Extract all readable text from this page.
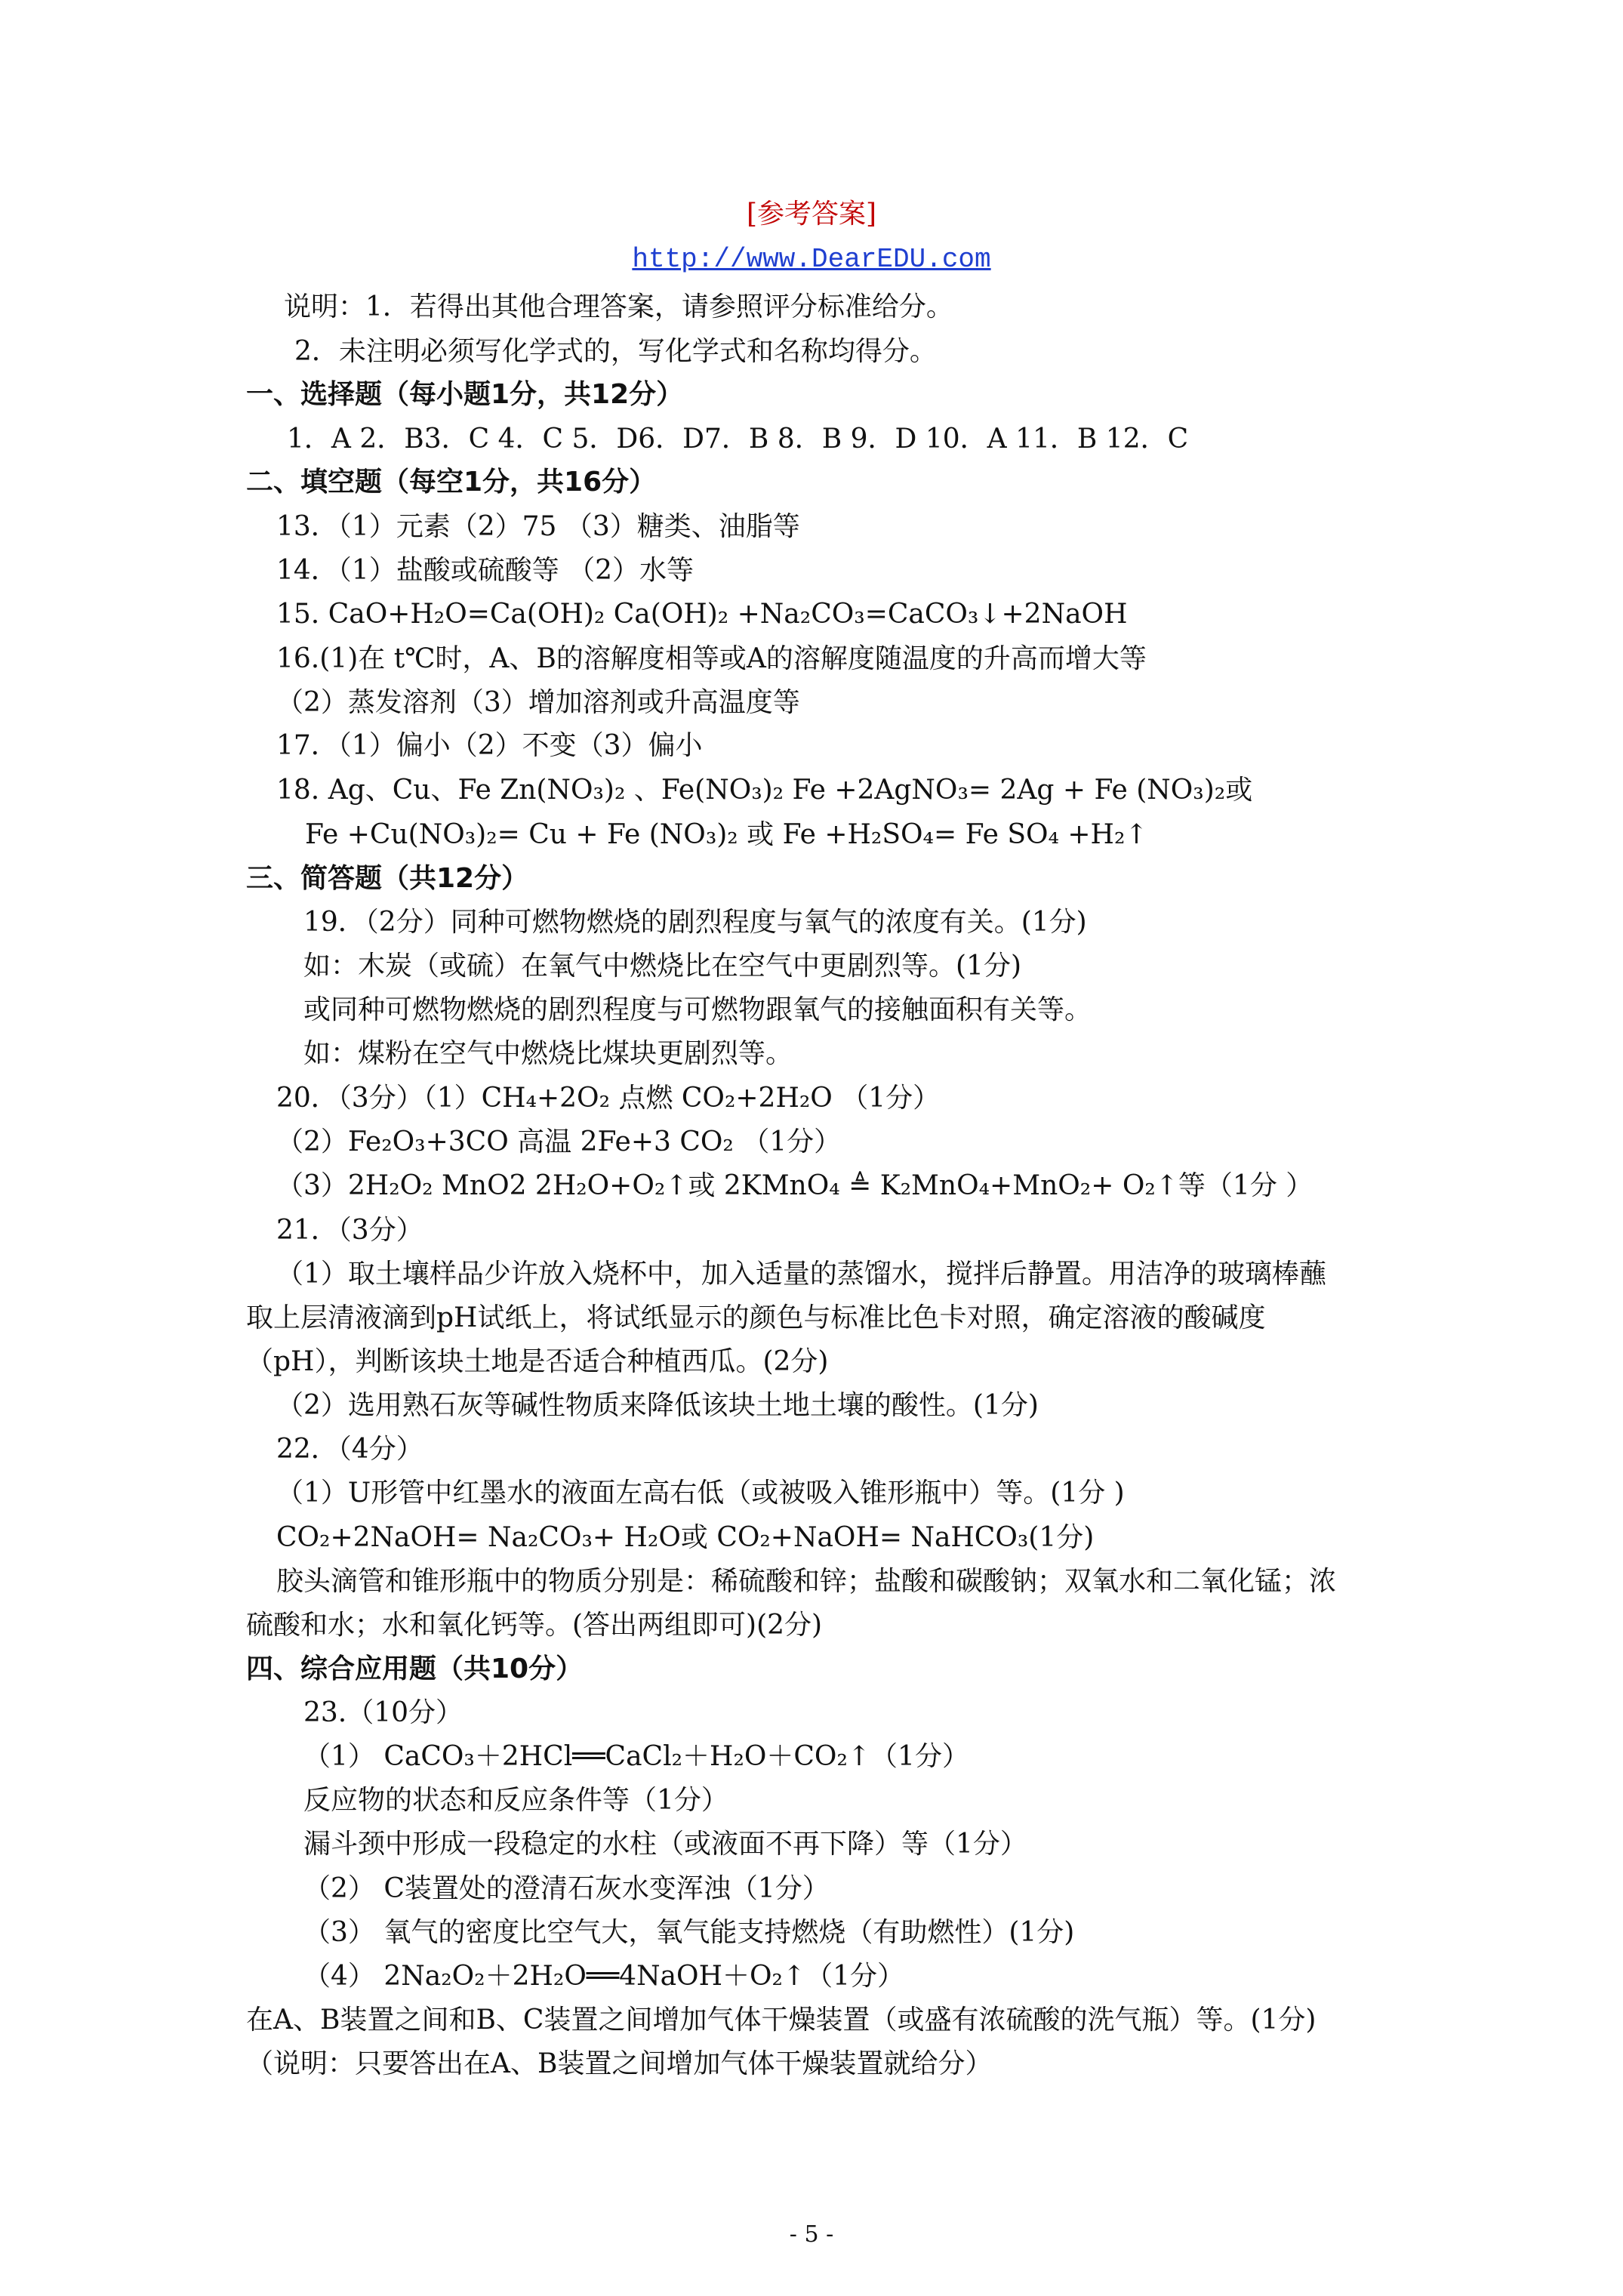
[参考答案]
http://www.DearEDU.com
说明：1．若得出其他合理答案，请参照评分标准给分。
2．未注明必须写化学式的，写化学式和名称均得分。
一、选择题（每小题1分，共12分）
1．A 2．B3．C 4．C 5．D6．D7．B 8．B 9．D 10．A 11．B 12．C
二、填空题（每空1分，共16分）
13．（1）元素（2）75 （3）糖类、油脂等
14．（1）盐酸或硫酸等 （2）水等
15. CaO+H₂O=Ca(OH)₂ Ca(OH)₂ +Na₂CO₃=CaCO₃↓+2NaOH
16.(1)在 t℃时，A、B的溶解度相等或A的溶解度随温度的升高而增大等
（2）蒸发溶剂（3）增加溶剂或升高温度等
17．（1）偏小（2）不变（3）偏小
18. Ag、Cu、Fe Zn(NO₃)₂ 、Fe(NO₃)₂ Fe +2AgNO₃= 2Ag + Fe (NO₃)₂或
Fe +Cu(NO₃)₂= Cu + Fe (NO₃)₂ 或 Fe +H₂SO₄= Fe SO₄ +H₂↑
三、简答题（共12分）
19．（2分）同种可燃物燃烧的剧烈程度与氧气的浓度有关。(1分)
如：木炭（或硫）在氧气中燃烧比在空气中更剧烈等。(1分)
或同种可燃物燃烧的剧烈程度与可燃物跟氧气的接触面积有关等。
如：煤粉在空气中燃烧比煤块更剧烈等。
20．（3分）（1）CH₄+2O₂ 点燃 CO₂+2H₂O （1分）
（2）Fe₂O₃+3CO 高温 2Fe+3 CO₂ （1分）
（3）2H₂O₂ MnO2 2H₂O+O₂↑或 2KMnO₄ ≜ K₂MnO₄+MnO₂+ O₂↑等（1分 ）
21．（3分）
（1）取土壤样品少许放入烧杯中，加入适量的蒸馏水，搅拌后静置。用洁净的玻璃棒蘸
取上层清液滴到pH试纸上，将试纸显示的颜色与标准比色卡对照，确定溶液的酸碱度
（pH），判断该块土地是否适合种植西瓜。(2分)
（2）选用熟石灰等碱性物质来降低该块土地土壤的酸性。(1分)
22．（4分）
（1）U形管中红墨水的液面左高右低（或被吸入锥形瓶中）等。(1分 )
CO₂+2NaOH= Na₂CO₃+ H₂O或 CO₂+NaOH= NaHCO₃(1分)
胶头滴管和锥形瓶中的物质分别是：稀硫酸和锌；盐酸和碳酸钠；双氧水和二氧化锰；浓
硫酸和水；水和氧化钙等。(答出两组即可)(2分)
四、综合应用题（共10分）
23.（10分）
（1） CaCO₃＋2HCl══CaCl₂＋H₂O＋CO₂↑（1分）
反应物的状态和反应条件等（1分）
漏斗颈中形成一段稳定的水柱（或液面不再下降）等（1分）
（2） C装置处的澄清石灰水变浑浊（1分）
（3） 氧气的密度比空气大，氧气能支持燃烧（有助燃性）(1分)
（4） 2Na₂O₂＋2H₂O══4NaOH＋O₂↑（1分）
在A、B装置之间和B、C装置之间增加气体干燥装置（或盛有浓硫酸的洗气瓶）等。(1分)
（说明：只要答出在A、B装置之间增加气体干燥装置就给分）
- 5 -
